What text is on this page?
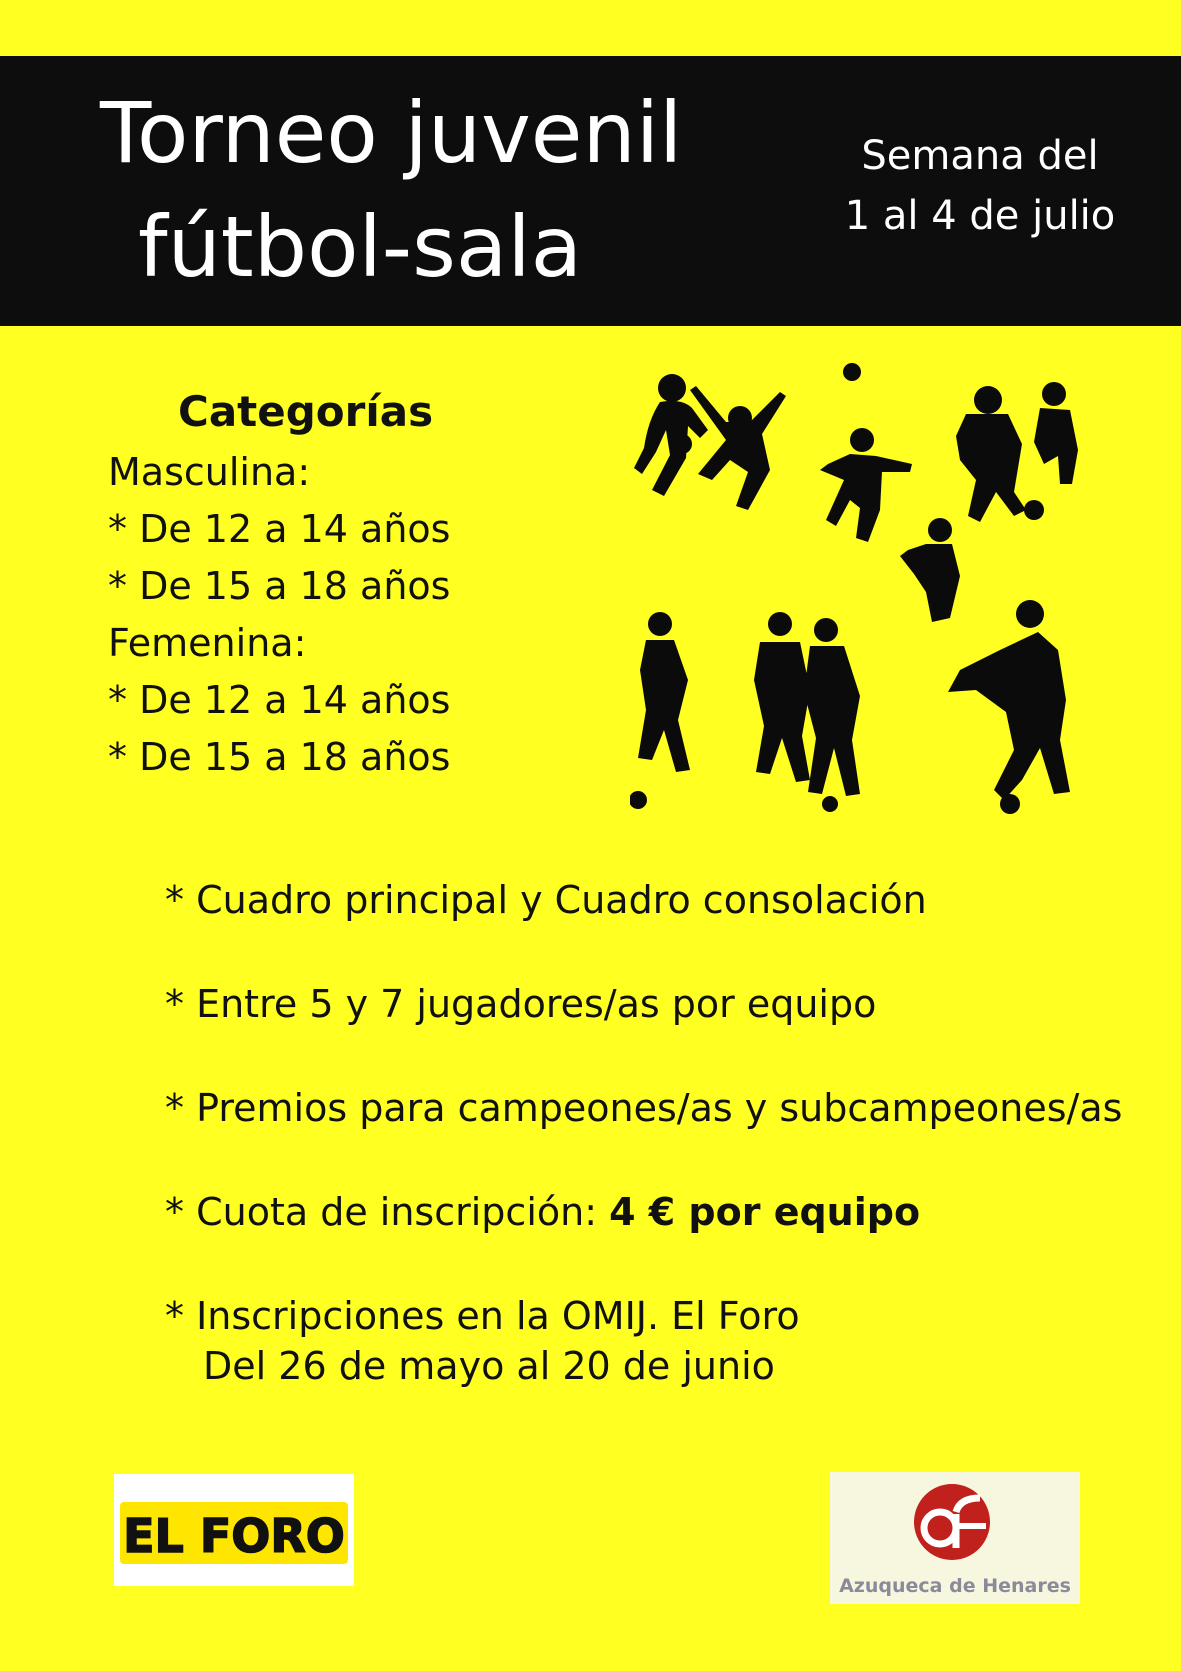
Torneo juvenil
fútbol-sala
Semana del
1 al 4 de julio
Categorías
Masculina:
* De 12 a 14 años
* De 15 a 18 años
Femenina:
* De 12 a 14 años
* De 15 a 18 años
* Cuadro principal y Cuadro consolación
* Entre 5 y 7 jugadores/as por equipo
* Premios para campeones/as y subcampeones/as
* Cuota de inscripción: 4 € por equipo
* Inscripciones en la OMIJ. El Foro
Del 26 de mayo al 20 de junio
EL FORO
Azuqueca de Henares
